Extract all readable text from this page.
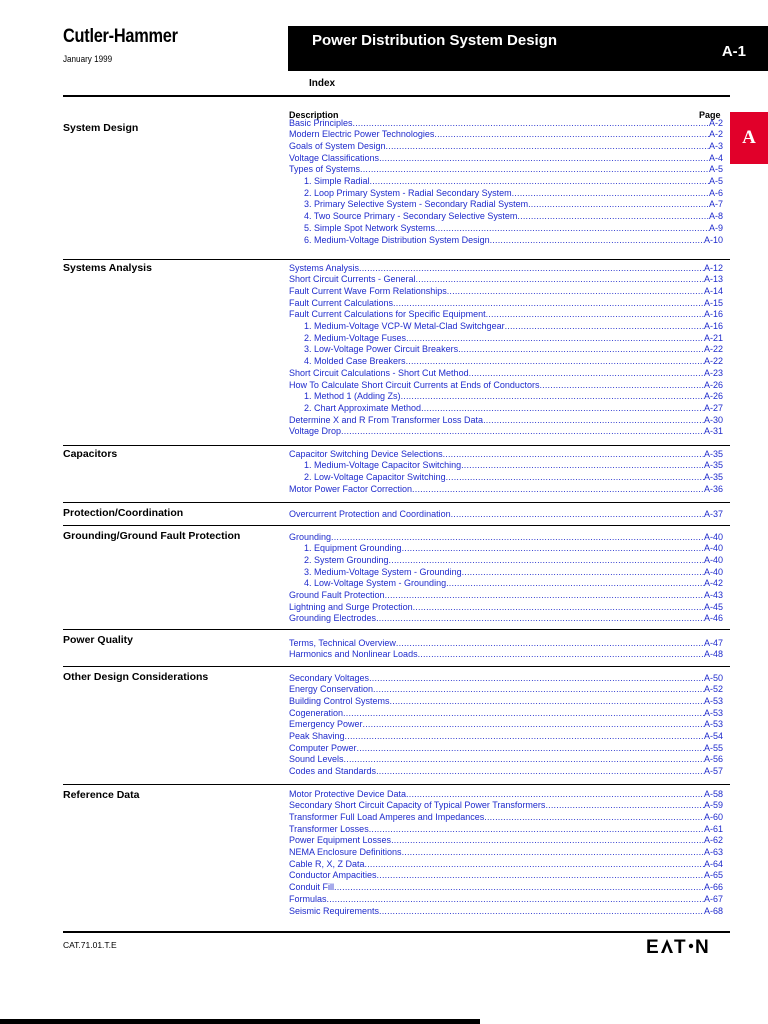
Cutler-Hammer
January 1999
Power Distribution System Design
A-1
Index
A
Description	Page
System Design	Basic Principles .....	A-2
Modern Electric Power Technologies .....	A-2
Goals of System Design .....	A-3
Voltage Classifications .....	A-4
Types of Systems .....	A-5
1. Simple Radial .....	A-5
2. Loop Primary System - Radial Secondary System .....	A-6
3. Primary Selective System - Secondary Radial System .....	A-7
4. Two Source Primary - Secondary Selective System .....	A-8
5. Simple Spot Network Systems .....	A-9
6. Medium-Voltage Distribution System Design .....	A-10
Systems Analysis	Systems Analysis .....	A-12
Short Circuit Currents - General .....	A-13
Fault Current Wave Form Relationships .....	A-14
Fault Current Calculations .....	A-15
Fault Current Calculations for Specific Equipment .....	A-16
1. Medium-Voltage VCP-W Metal-Clad Switchgear .....	A-16
2. Medium-Voltage Fuses .....	A-21
3. Low-Voltage Power Circuit Breakers .....	A-22
4. Molded Case Breakers .....	A-22
Short Circuit Calculations - Short Cut Method .....	A-23
How To Calculate Short Circuit Currents at Ends of Conductors .....	A-26
1. Method 1 (Adding Zs) .....	A-26
2. Chart Approximate Method .....	A-27
Determine X and R From Transformer Loss Data .....	A-30
Voltage Drop .....	A-31
Capacitors	Capacitor Switching Device Selections .....	A-35
1. Medium-Voltage Capacitor Switching .....	A-35
2. Low-Voltage Capacitor Switching .....	A-35
Motor Power Factor Correction .....	A-36
Protection/Coordination	Overcurrent Protection and Coordination .....	A-37
Grounding/Ground Fault Protection	Grounding .....	A-40
1. Equipment Grounding .....	A-40
2. System Grounding .....	A-40
3. Medium-Voltage System - Grounding .....	A-40
4. Low-Voltage System - Grounding .....	A-42
Ground Fault Protection .....	A-43
Lightning and Surge Protection .....	A-45
Grounding Electrodes .....	A-46
Power Quality	Terms, Technical Overview .....	A-47
Harmonics and Nonlinear Loads .....	A-48
Other Design Considerations	Secondary Voltages .....	A-50
Energy Conservation .....	A-52
Building Control Systems .....	A-53
Cogeneration .....	A-53
Emergency Power .....	A-53
Peak Shaving .....	A-54
Computer Power .....	A-55
Sound Levels .....	A-56
Codes and Standards .....	A-57
Reference Data	Motor Protective Device Data .....	A-58
Secondary Short Circuit Capacity of Typical Power Transformers .....	A-59
Transformer Full Load Amperes and Impedances .....	A-60
Transformer Losses .....	A-61
Power Equipment Losses .....	A-62
NEMA Enclosure Definitions .....	A-63
Cable R, X, Z Data .....	A-64
Conductor Ampacities .....	A-65
Conduit Fill .....	A-66
Formulas .....	A-67
Seismic Requirements .....	A-68
CAT.71.01.T.E	E T N
